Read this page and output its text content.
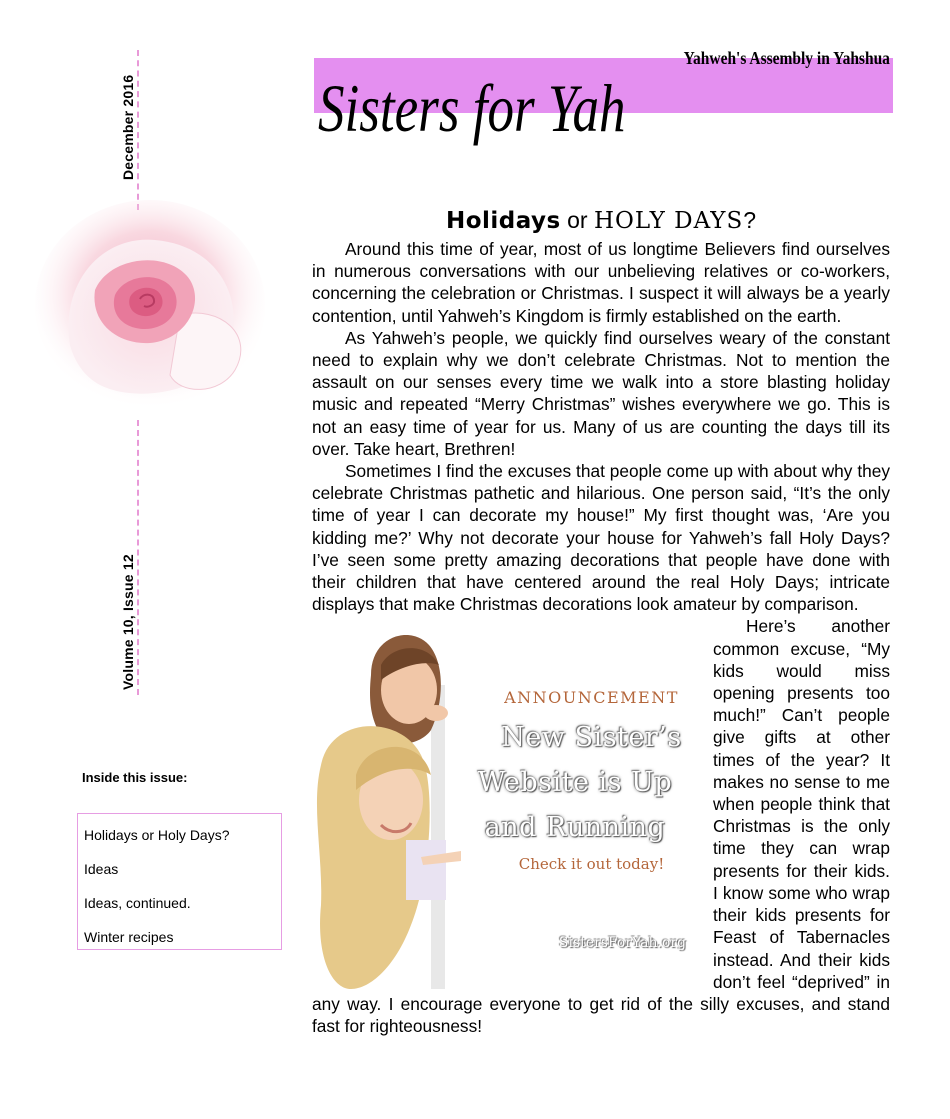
December 2016
Volume 10, Issue 12
Inside this issue:
Holidays or Holy Days?
Ideas
Ideas, continued.
Winter recipes
Yahweh's Assembly in Yahshua
Sisters for Yah
Holidays or HOLY DAYS?

Around this time of year, most of us longtime Believers find ourselves in numerous conversations with our unbelieving relatives or co-workers, concerning the celebration or Christmas. I suspect it will always be a yearly contention, until Yahweh’s Kingdom is firmly established on the earth.

As Yahweh’s people, we quickly find ourselves weary of the constant need to explain why we don’t celebrate Christmas. Not to mention the assault on our senses every time we walk into a store blasting holiday music and repeated “Merry Christmas” wishes everywhere we go. This is not an easy time of year for us. Many of us are counting the days till its over. Take heart, Brethren!

Sometimes I find the excuses that people come up with about why they celebrate Christmas pathetic and hilarious. One person said, “It’s the only time of year I can decorate my house!” My first thought was, ‘Are you kidding me?’ Why not decorate your house for Yahweh’s fall Holy Days? I’ve seen some pretty amazing decorations that people have done with their children that have centered around the real Holy Days; intricate displays that make Christmas decorations look amateur by comparison.

ANNOUNCEMENT
New Sister’s Website is Up and Running
Check it out today!
SistersForYah.org
Here’s another common excuse, “My kids would miss opening presents too much!” Can’t people give gifts at other times of the year? It makes no sense to me when people think that Christmas is the only time they can wrap presents for their kids. I know some who wrap their kids presents for Feast of Tabernacles instead. And their kids don’t feel “deprived” in any way. I encourage everyone to get rid of the silly excuses, and stand fast for righteousness!
